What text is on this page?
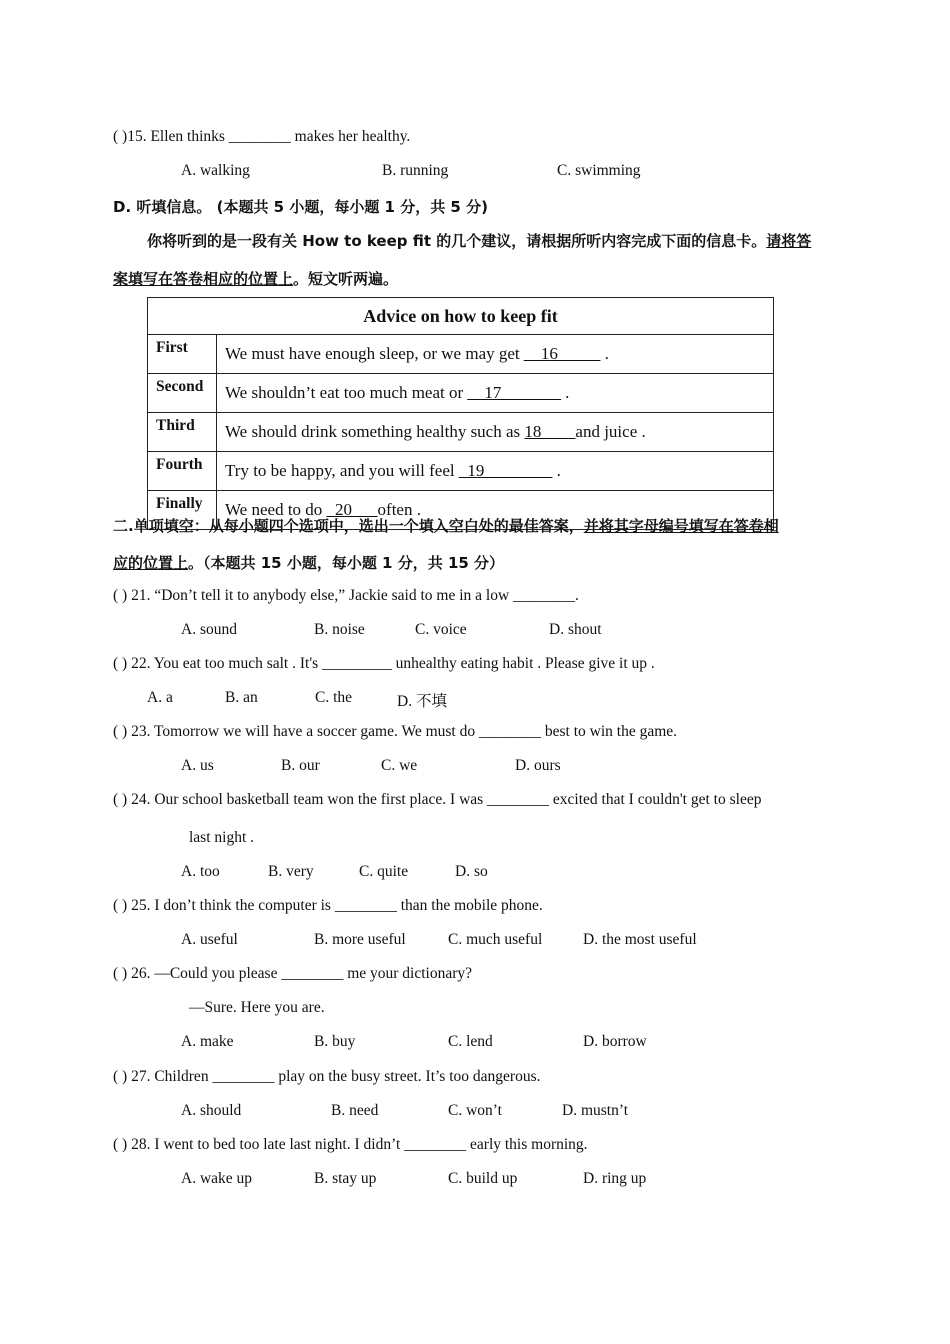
( )15. Ellen thinks ________ makes her healthy.
A. walking	B. running	C. swimming
D. 听填信息。 (本题共 5 小题，每小题 1 分，共 5 分)
你将听到的是一段有关 How to keep fit 的几个建议，请根据所听内容完成下面的信息卡。请将答
案填写在答卷相应的位置上。短文听两遍。
Advice on how to keep fit	
First	We must have enough sleep, or we may get __16_____ .
Second	We shouldn’t eat too much meat or __17_______ .
Third	We should drink something healthy such as 18____and juice .
Fourth	Try to be happy, and you will feel _19________ .
Finally	We need to do _20___often .
二.单项填空：从每小题四个选项中，选出一个填入空白处的最佳答案，并将其字母编号填写在答卷相
应的位置上。（本题共 15 小题，每小题 1 分，共 15 分）
( ) 21. “Don’t tell it to anybody else,” Jackie said to me in a low ________.
A. sound	B. noise	C. voice	D. shout
( ) 22. You eat too much salt . It's _________ unhealthy eating habit . Please give it up .
A. a	B. an	C. the	D. 不填
( ) 23. Tomorrow we will have a soccer game. We must do ________ best to win the game.
A. us	B. our	C. we	D. ours
( ) 24. Our school basketball team won the first place. I was ________ excited that I couldn't get to sleep
last night .
A. too	B. very	C. quite	D. so
( ) 25. I don’t think the computer is ________ than the mobile phone.
A. useful	B. more useful	C. much useful	D. the most useful
( ) 26. —Could you please ________ me your dictionary?
—Sure. Here you are.
A. make	B. buy	C. lend	D. borrow
( ) 27. Children ________ play on the busy street. It’s too dangerous.
A. should	B. need	C. won’t	D. mustn’t
( ) 28. I went to bed too late last night. I didn’t ________ early this morning.
A. wake up	B. stay up	C. build up	D. ring up
